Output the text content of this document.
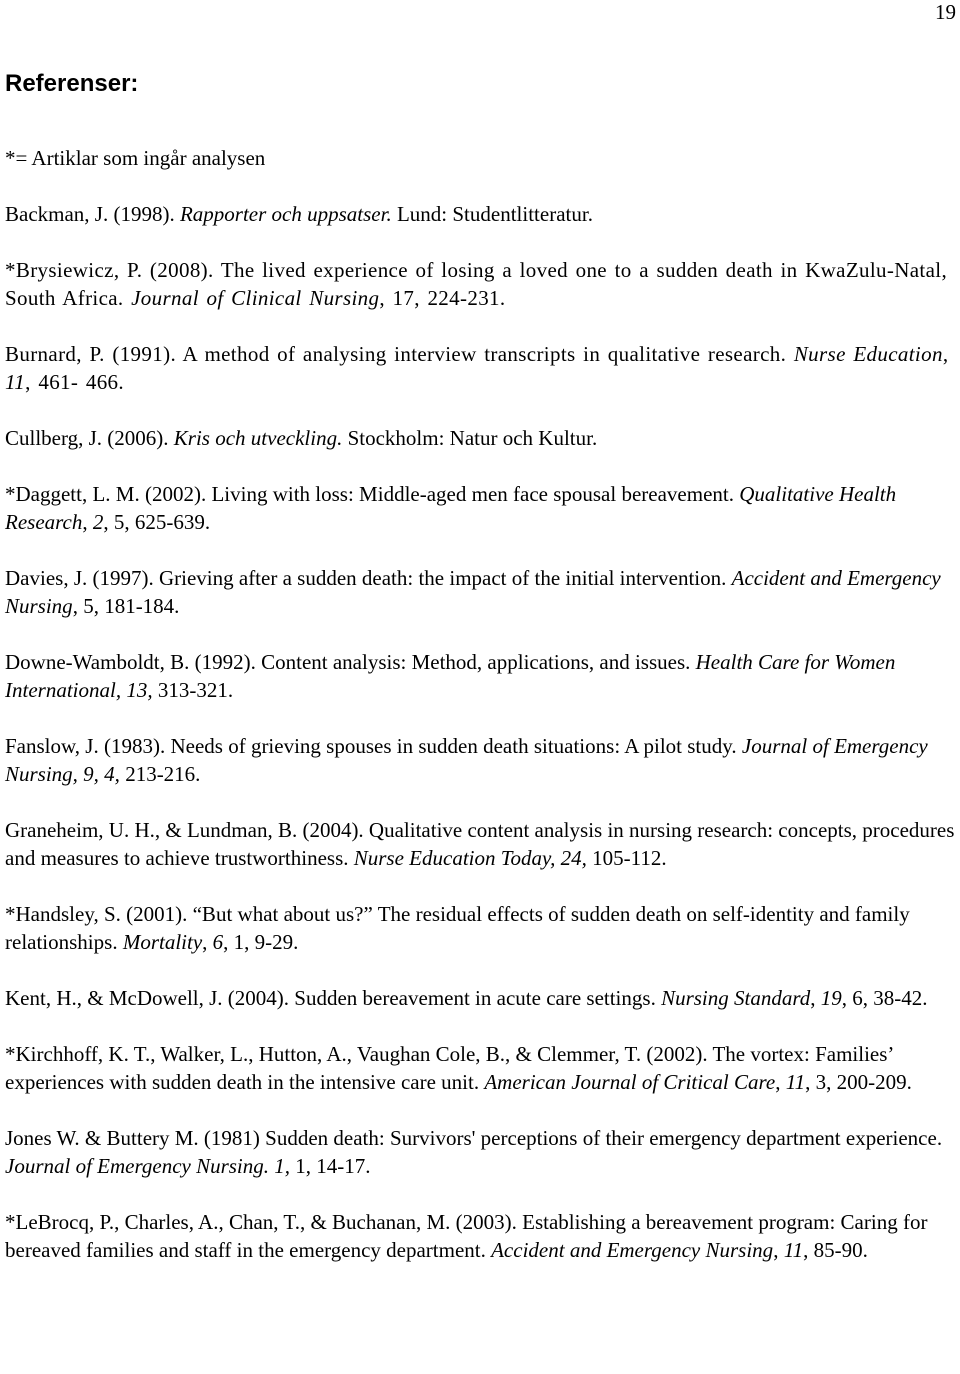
19
Referenser:
*= Artiklar som ingår analysen

Backman, J. (1998). Rapporter och uppsatser. Lund: Studentlitteratur.

*Brysiewicz, P. (2008). The lived experience of losing a loved one to a sudden death in KwaZulu-Natal, South Africa. Journal of Clinical Nursing, 17, 224-231.

Burnard, P. (1991). A method of analysing interview transcripts in qualitative research. Nurse Education, 11, 461- 466.

Cullberg, J. (2006). Kris och utveckling. Stockholm: Natur och Kultur.

*Daggett, L. M. (2002). Living with loss: Middle-aged men face spousal bereavement. Qualitative Health Research, 2, 5, 625-639.

Davies, J. (1997). Grieving after a sudden death: the impact of the initial intervention. Accident and Emergency Nursing, 5, 181-184.

Downe-Wamboldt, B. (1992). Content analysis: Method, applications, and issues. Health Care for Women International, 13, 313-321.

Fanslow, J. (1983). Needs of grieving spouses in sudden death situations: A pilot study. Journal of Emergency Nursing, 9, 4, 213-216.

Graneheim, U. H., & Lundman, B. (2004). Qualitative content analysis in nursing research: concepts, procedures and measures to achieve trustworthiness. Nurse Education Today, 24, 105-112.

*Handsley, S. (2001). “But what about us?” The residual effects of sudden death on self-identity and family relationships. Mortality, 6, 1, 9-29.

Kent, H., & McDowell, J. (2004). Sudden bereavement in acute care settings. Nursing Standard, 19, 6, 38-42.

*Kirchhoff, K. T., Walker, L., Hutton, A., Vaughan Cole, B., & Clemmer, T. (2002). The vortex: Families’ experiences with sudden death in the intensive care unit. American Journal of Critical Care, 11, 3, 200-209.

Jones W. & Buttery M. (1981) Sudden death: Survivors' perceptions of their emergency department experience. Journal of Emergency Nursing. 1, 1, 14-17.

*LeBrocq, P., Charles, A., Chan, T., & Buchanan, M. (2003). Establishing a bereavement program: Caring for bereaved families and staff in the emergency department. Accident and Emergency Nursing, 11, 85-90.
